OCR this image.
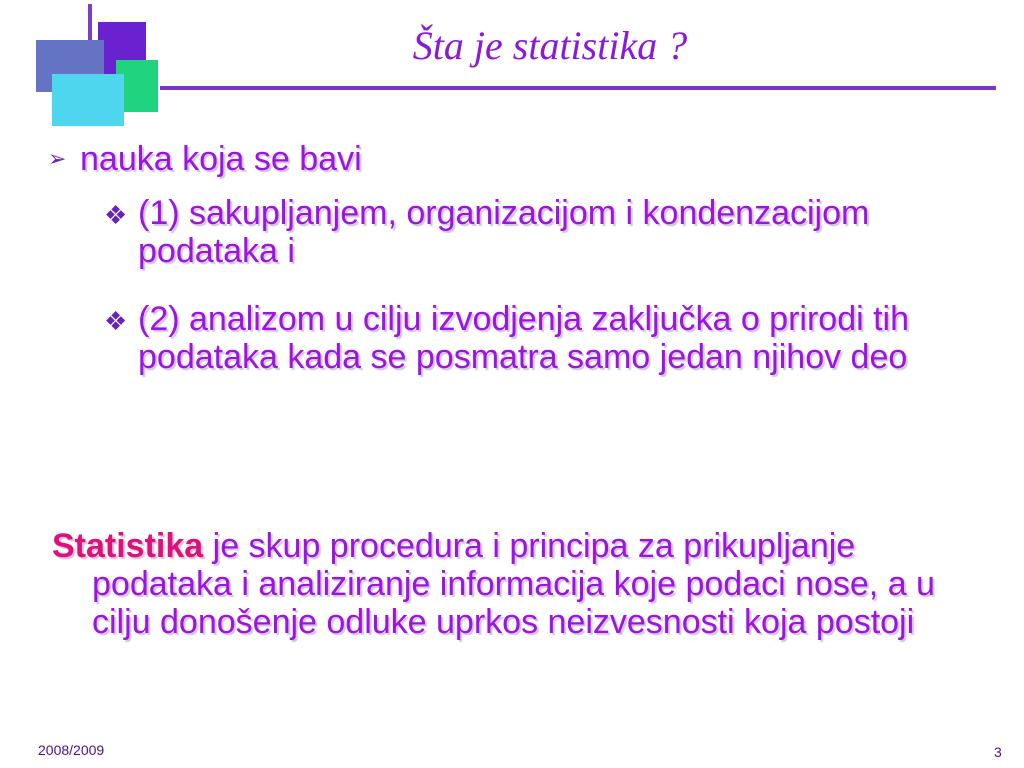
Šta je statistika ?
➢ nauka koja se bavi
❖ (1) sakupljanjem, organizacijom i kondenzacijom podataka i
❖ (2) analizom u cilju izvodjenja zaključka o prirodi tih podataka kada se posmatra samo jedan njihov deo
Statistika je skup procedura i principa za prikupljanje podataka i analiziranje informacija koje podaci nose, a u cilju donošenje odluke uprkos neizvesnosti koja postoji
2008/2009	3
